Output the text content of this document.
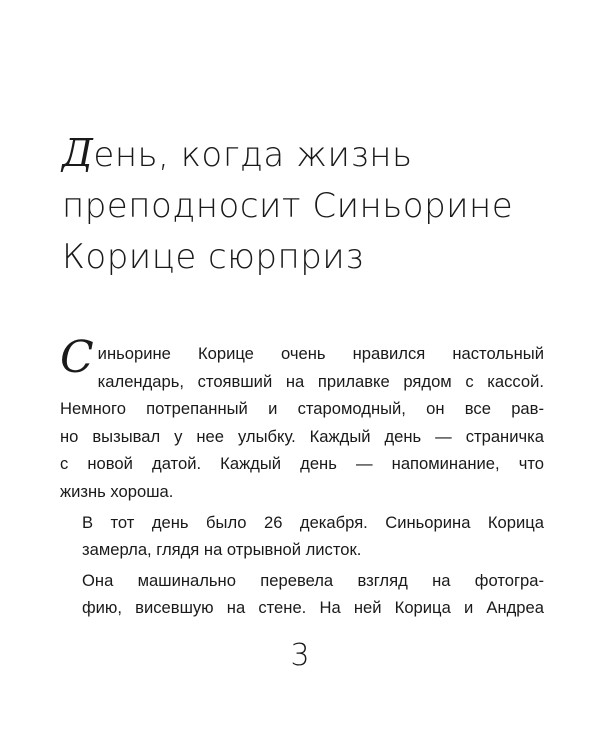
День, когда жизнь
преподносит Синьорине
Корице сюрприз

С иньорине Корице очень нравился настольный
календарь, стоявший на прилавке рядом с кассой.
Немного потрепанный и старомодный, он все рав-
но вызывал у нее улыбку. Каждый день — страничка
с новой датой. Каждый день — напоминание, что
жизнь хороша.

В тот день было 26 декабря. Синьорина Корица
замерла, глядя на отрывной листок.

Она машинально перевела взгляд на фотогра-
фию, висевшую на стене. На ней Корица и Андреа

3
